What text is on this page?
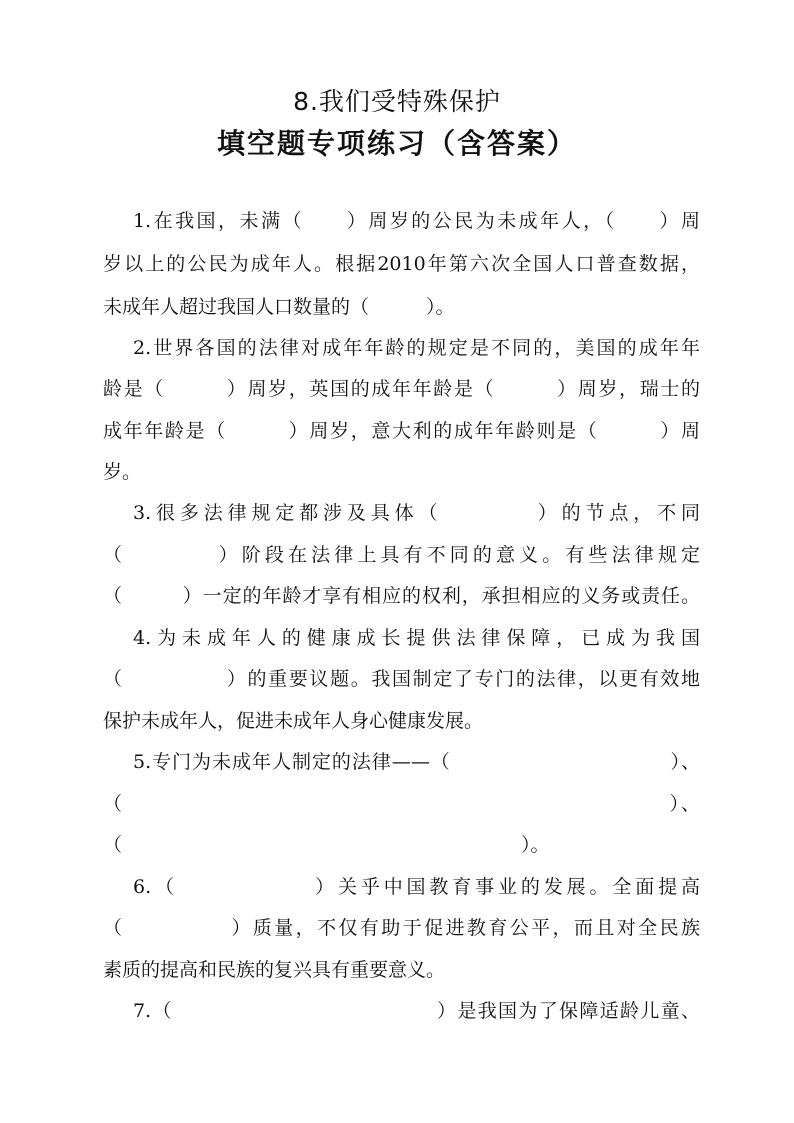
8.我们受特殊保护
填空题专项练习（含答案）
1.在我国，未满（　　）周岁的公民为未成年人，（　　）周
岁以上的公民为成年人。根据2010年第六次全国人口普查数据，
未成年人超过我国人口数量的（　　　）。
2.世界各国的法律对成年年龄的规定是不同的，美国的成年年
龄是（　　　）周岁，英国的成年年龄是（　　　）周岁，瑞士的
成年年龄是（　　　）周岁，意大利的成年年龄则是（　　　）周
岁。
3.很多法律规定都涉及具体（　　　　）的节点，不同
（　　　　）阶段在法律上具有不同的意义。有些法律规定
（　　　）一定的年龄才享有相应的权利，承担相应的义务或责任。
4.为未成年人的健康成长提供法律保障，已成为我国
（　　　　　）的重要议题。我国制定了专门的法律，以更有效地
保护未成年人，促进未成年人身心健康发展。
5.专门为未成年人制定的法律——（　　　　　　　　　　　）、
（　　　　　　　　　　　　　　　　　　　　　　　　　　）、
（　　　　　　　　　　　　　　　　　　　　　）。
6.（　　　　　　）关乎中国教育事业的发展。全面提高
（　　　　　）质量，不仅有助于促进教育公平，而且对全民族
素质的提高和民族的复兴具有重要意义。
7.（　　　　　　　　　　　　　）是我国为了保障适龄儿童、
